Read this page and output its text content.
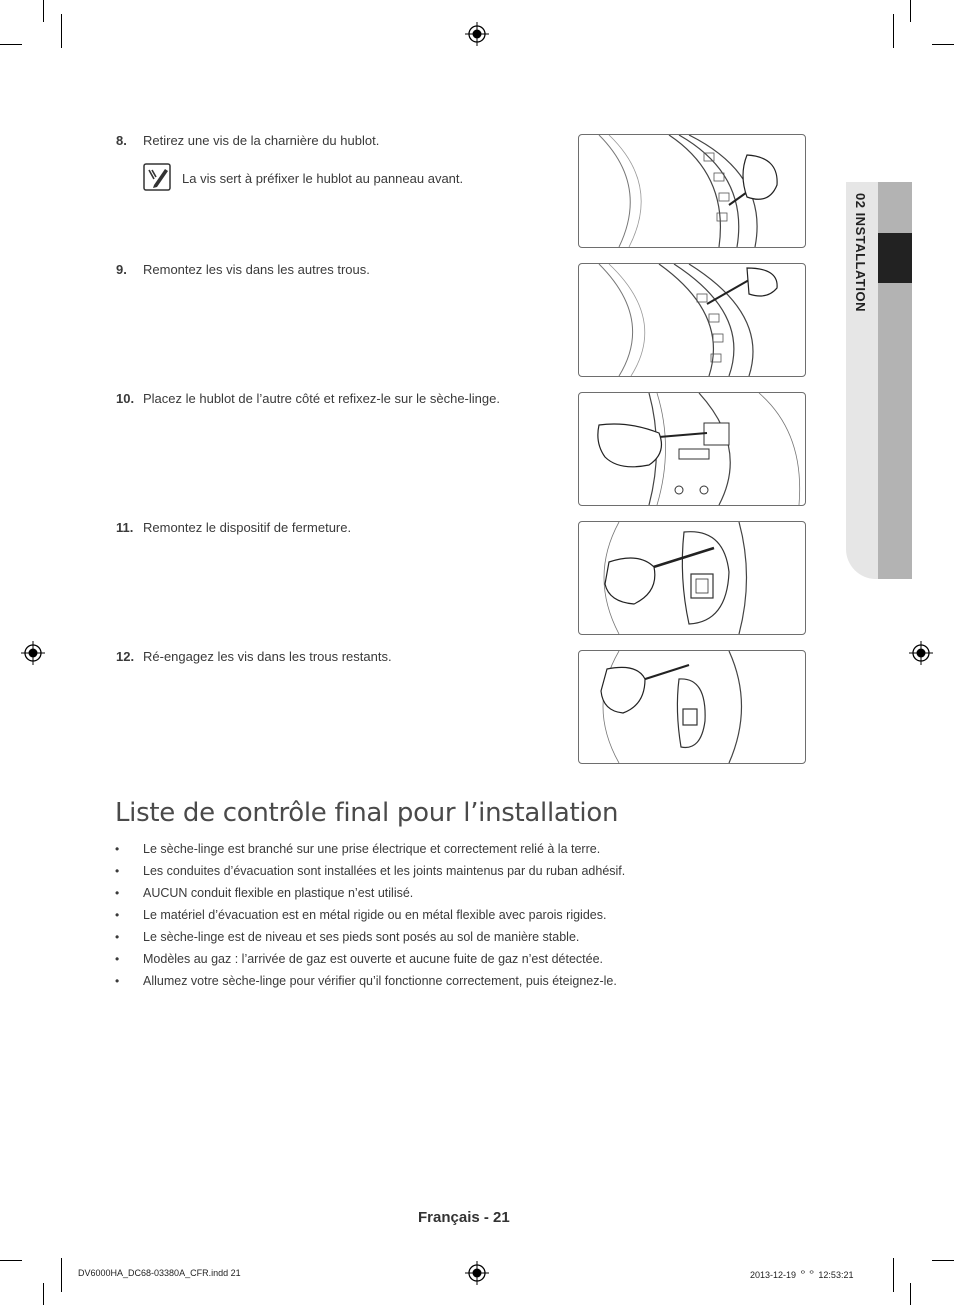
02 INSTALLATION
8. Retirez une vis de la charnière du hublot.
La vis sert à préfixer le hublot au panneau avant.
9. Remontez les vis dans les autres trous.
10. Placez le hublot de l’autre côté et refixez-le sur le sèche-linge.
11. Remontez le dispositif de fermeture.
12. Ré-engagez les vis dans les trous restants.
Liste de contrôle final pour l’installation
• Le sèche-linge est branché sur une prise électrique et correctement relié à la terre.
• Les conduites d’évacuation sont installées et les joints maintenus par du ruban adhésif.
• AUCUN conduit flexible en plastique n’est utilisé.
• Le matériel d’évacuation est en métal rigide ou en métal flexible avec parois rigides.
• Le sèche-linge est de niveau et ses pieds sont posés au sol de manière stable.
• Modèles au gaz : l’arrivée de gaz est ouverte et aucune fuite de gaz n’est détectée.
• Allumez votre sèche-linge pour vérifier qu’il fonctionne correctement, puis éteignez-le.
Français - 21
DV6000HA_DC68-03380A_CFR.indd 21	2013-12-19 ᄋᄋ 12:53:21
